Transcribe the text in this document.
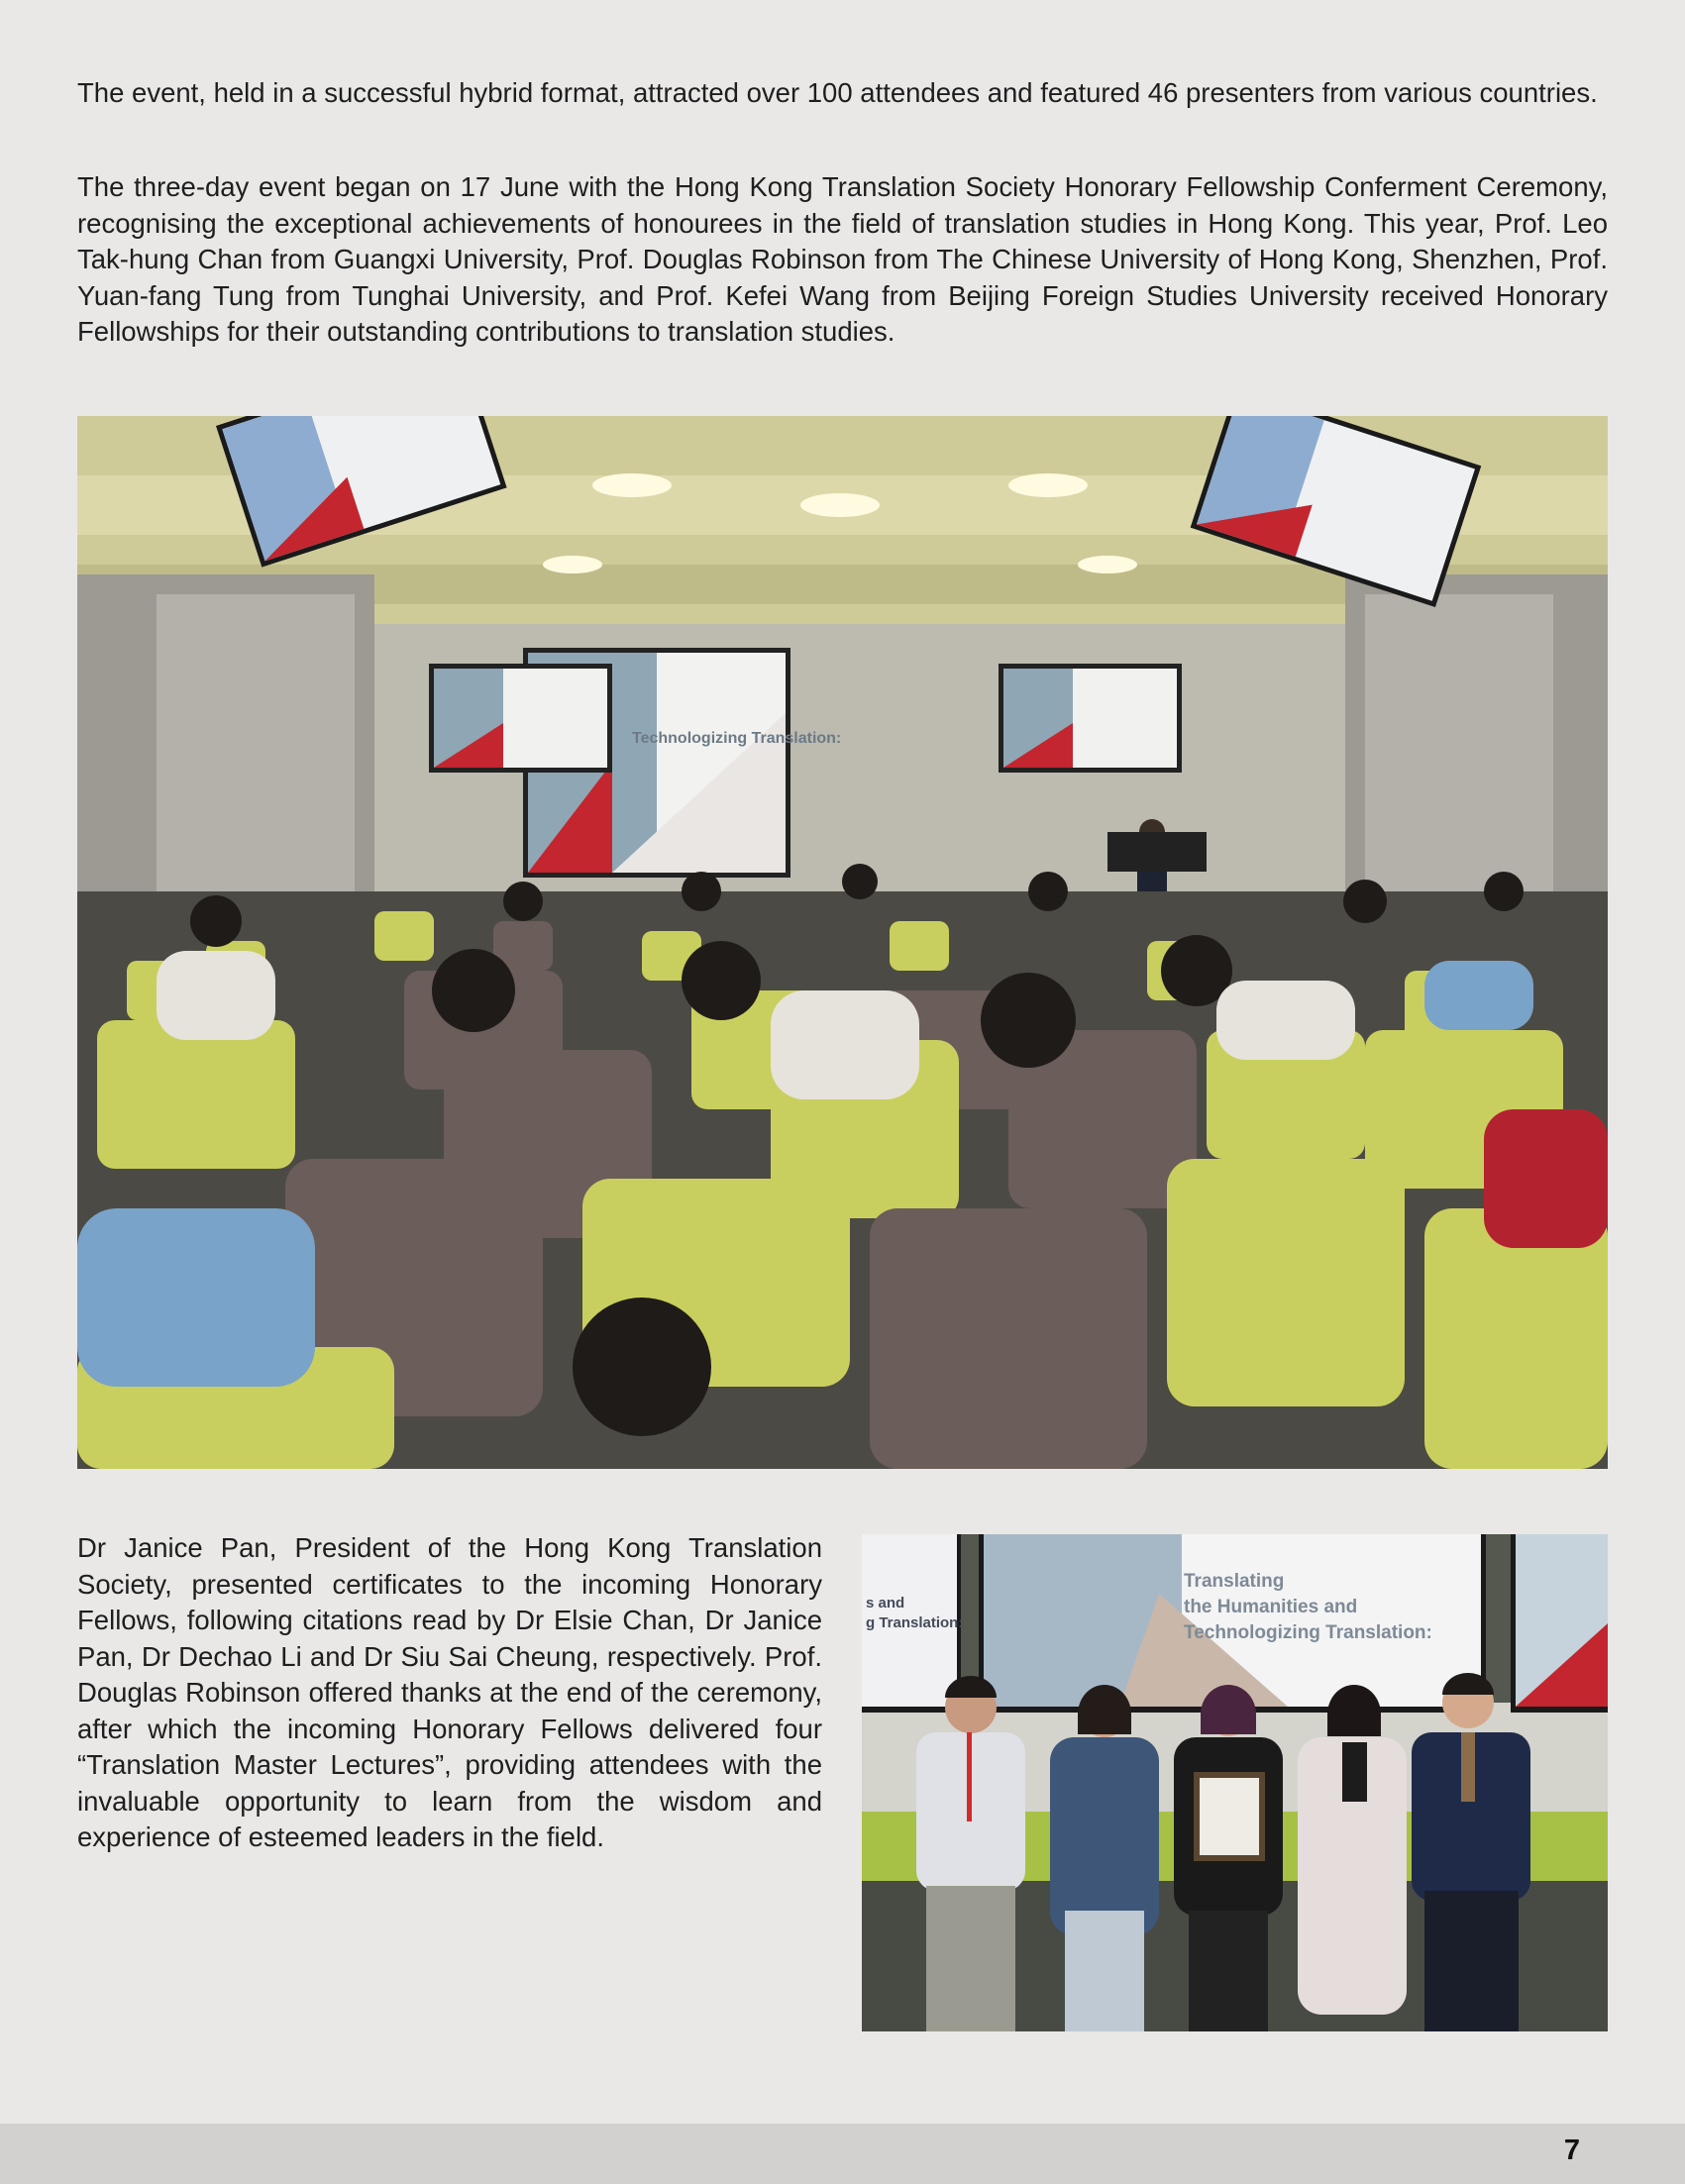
The event, held in a successful hybrid format, attracted over 100 attendees and featured 46 presenters from various countries.

The three-day event began on 17 June with the Hong Kong Translation Society Honorary Fellowship Conferment Ceremony, recognising the exceptional achievements of honourees in the field of translation studies in Hong Kong. This year, Prof. Leo Tak-hung Chan from Guangxi University, Prof. Douglas Robinson from The Chinese University of Hong Kong, Shenzhen, Prof. Yuan-fang Tung from Tunghai University, and Prof. Kefei Wang from Beijing Foreign Studies University received Honorary Fellowships for their outstanding contributions to translation studies.

Technologizing Translation:

Dr Janice Pan, President of the Hong Kong Translation Society, presented certificates to the incoming Honorary Fellows, following citations read by Dr Elsie Chan, Dr Janice Pan, Dr Dechao Li and Dr Siu Sai Cheung, respectively. Prof. Douglas Robinson offered thanks at the end of the ceremony, after which the incoming Honorary Fellows delivered four “Translation Master Lectures”, providing attendees with the invaluable opportunity to learn from the wisdom and experience of esteemed leaders in the field.

s and
g Translation:
Translating
the Humanities and
Technologizing Translation:
7
